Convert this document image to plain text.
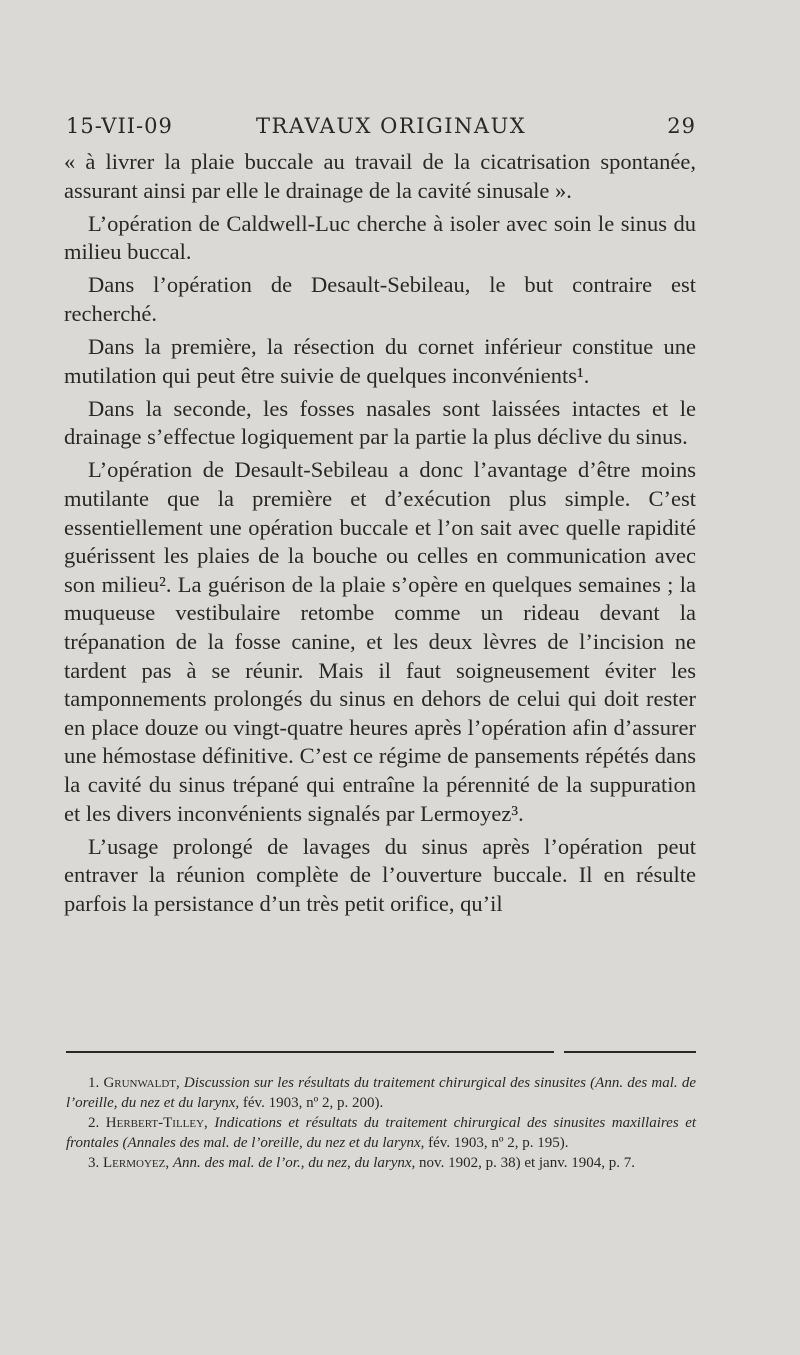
15-VII-09	TRAVAUX ORIGINAUX	29

« à livrer la plaie buccale au travail de la cicatrisation spontanée, assurant ainsi par elle le drainage de la cavité sinusale ».

L’opération de Caldwell-Luc cherche à isoler avec soin le sinus du milieu buccal.

Dans l’opération de Desault-Sebileau, le but contraire est recherché.

Dans la première, la résection du cornet inférieur constitue une mutilation qui peut être suivie de quelques inconvénients¹.

Dans la seconde, les fosses nasales sont laissées intactes et le drainage s’effectue logiquement par la partie la plus déclive du sinus.

L’opération de Desault-Sebileau a donc l’avantage d’être moins mutilante que la première et d’exécution plus simple. C’est essentiellement une opération buccale et l’on sait avec quelle rapidité guérissent les plaies de la bouche ou celles en communication avec son milieu². La guérison de la plaie s’opère en quelques semaines ; la muqueuse vestibulaire retombe comme un rideau devant la trépanation de la fosse canine, et les deux lèvres de l’incision ne tardent pas à se réunir. Mais il faut soigneusement éviter les tamponnements prolongés du sinus en dehors de celui qui doit rester en place douze ou vingt-quatre heures après l’opération afin d’assurer une hémostase définitive. C’est ce régime de pansements répétés dans la cavité du sinus trépané qui entraîne la pérennité de la suppuration et les divers inconvénients signalés par Lermoyez³.

L’usage prolongé de lavages du sinus après l’opération peut entraver la réunion complète de l’ouverture buccale. Il en résulte parfois la persistance d’un très petit orifice, qu’il

1. Grunwaldt, Discussion sur les résultats du traitement chirurgical des sinusites (Ann. des mal. de l’oreille, du nez et du larynx, fév. 1903, nº 2, p. 200).

2. Herbert-Tilley, Indications et résultats du traitement chirurgical des sinusites maxillaires et frontales (Annales des mal. de l’oreille, du nez et du larynx, fév. 1903, nº 2, p. 195).

3. Lermoyez, Ann. des mal. de l’or., du nez, du larynx, nov. 1902, p. 38) et janv. 1904, p. 7.
